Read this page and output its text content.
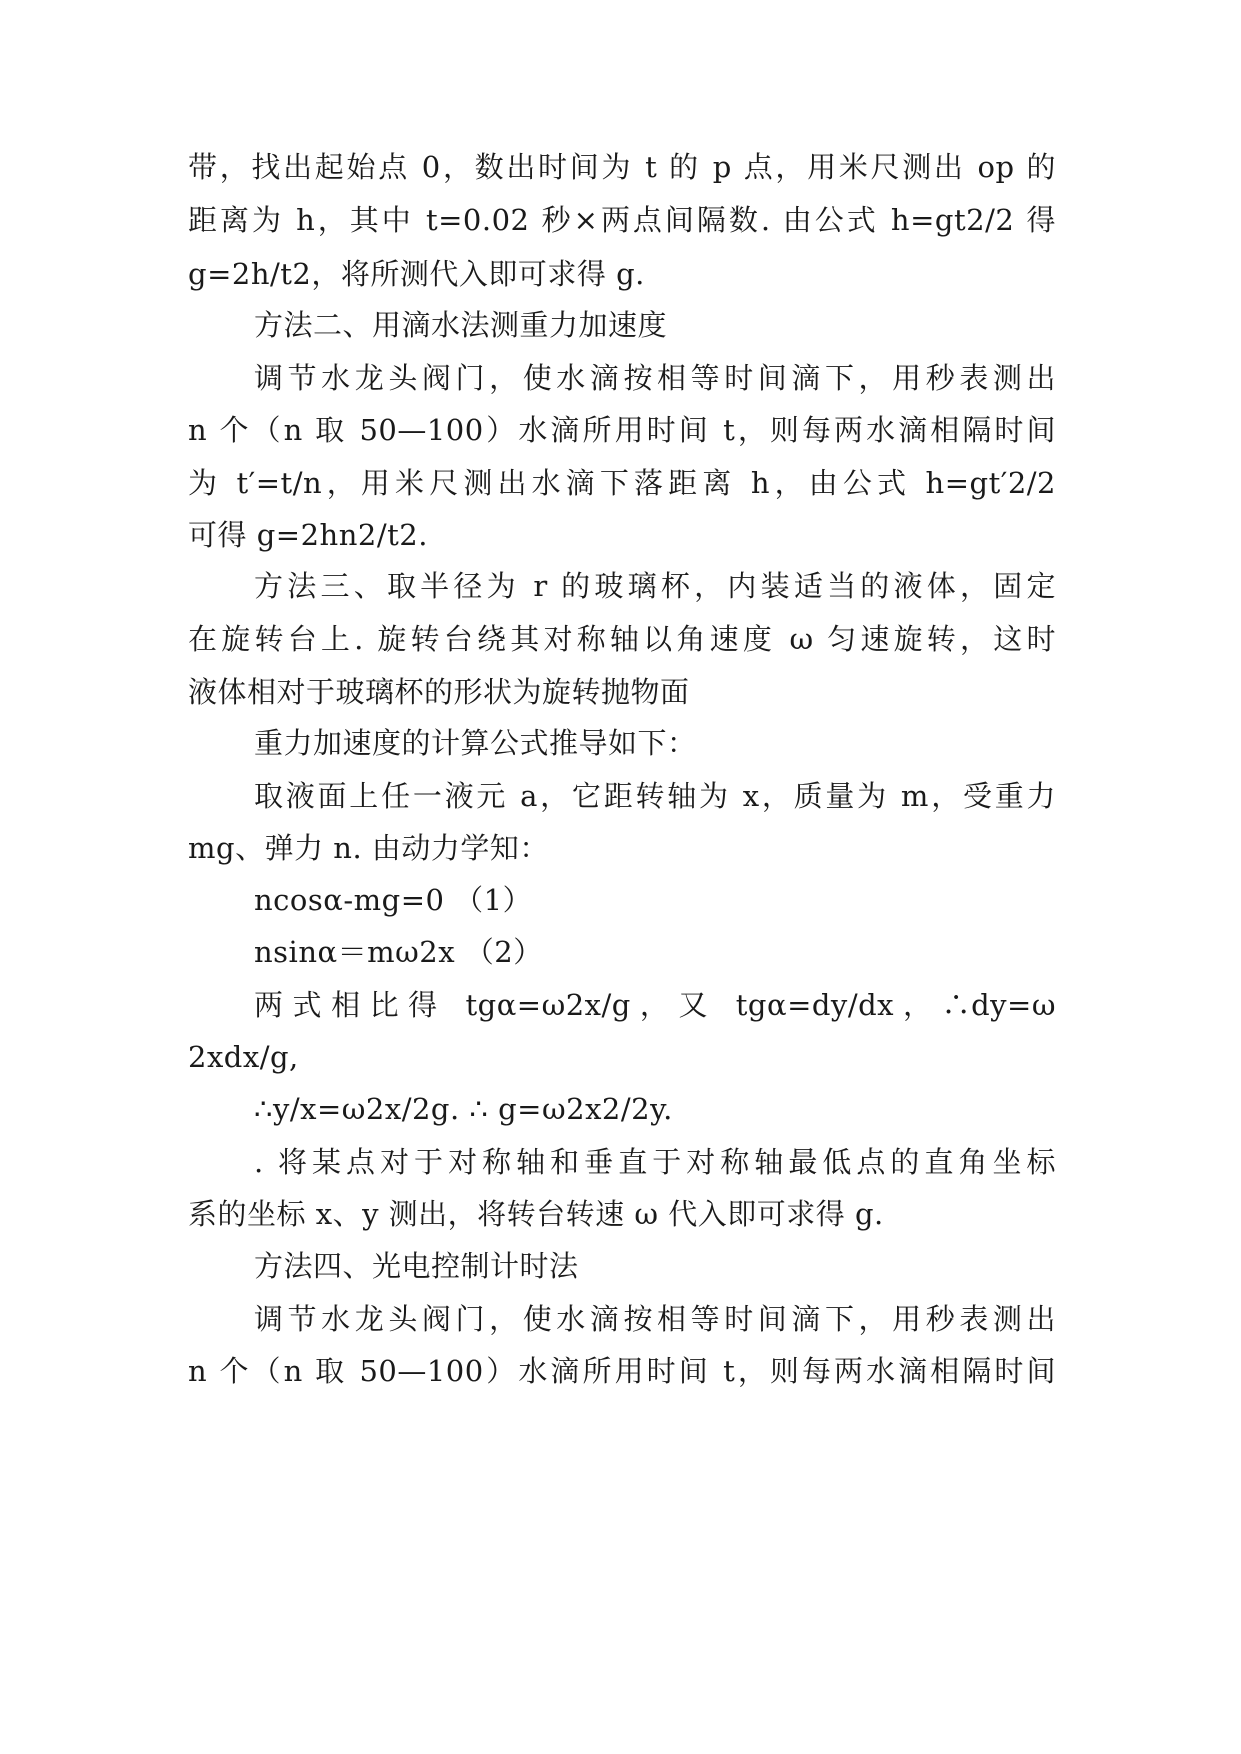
带，找出起始点 0，数出时间为 t 的 p 点，用米尺测出 op 的
距离为 h，其中 t=0.02 秒×两点间隔数. 由公式 h=gt2/2 得
g=2h/t2，将所测代入即可求得 g.
方法二、用滴水法测重力加速度
调节水龙头阀门，使水滴按相等时间滴下，用秒表测出
n 个（n 取 50—100）水滴所用时间 t，则每两水滴相隔时间
为 t′=t/n，用米尺测出水滴下落距离 h，由公式 h=gt′2/2
可得 g=2hn2/t2.
方法三、取半径为 r 的玻璃杯，内装适当的液体，固定
在旋转台上. 旋转台绕其对称轴以角速度 ω 匀速旋转，这时
液体相对于玻璃杯的形状为旋转抛物面
重力加速度的计算公式推导如下：
取液面上任一液元 a，它距转轴为 x，质量为 m，受重力
mg、弹力 n. 由动力学知：
ncosα-mg=0 （1）
nsinα＝mω2x （2）
两式相比得 tgα=ω2x/g，又 tgα=dy/dx，∴dy=ω
2xdx/g,
∴y/x=ω2x/2g. ∴ g=ω2x2/2y.
. 将某点对于对称轴和垂直于对称轴最低点的直角坐标
系的坐标 x、y 测出，将转台转速 ω 代入即可求得 g.
方法四、光电控制计时法
调节水龙头阀门，使水滴按相等时间滴下，用秒表测出
n 个（n 取 50—100）水滴所用时间 t，则每两水滴相隔时间
